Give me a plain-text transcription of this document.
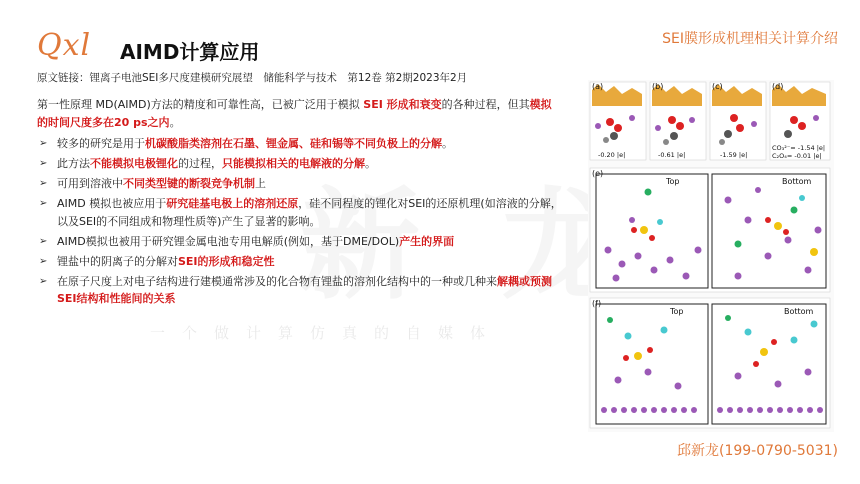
Qxl AIMD计算应用
SEI膜形成机理相关计算介绍
原文链接：锂离子电池SEI多尺度建模研究展望　储能科学与技术　第12卷 第2期2023年2月
一个做计算仿真的自媒体
第一性原理 MD(AIMD)方法的精度和可靠性高，已被广泛用于模拟 SEI 形成和衰变的各种过程，但其模拟的时间尺度多在20 ps之内。
➢ 较多的研究是用于机碳酸脂类溶剂在石墨、锂金属、硅和锡等不同负极上的分解。
➢ 此方法不能模拟电极锂化的过程，只能模拟相关的电解液的分解。
➢ 可用到溶液中不同类型键的断裂竞争机制上
➢ AIMD 模拟也被应用于研究硅基电极上的溶剂还原，硅不同程度的锂化对SEI的还原机理(如溶液的分解，以及SEI的不同组成和物理性质等)产生了显著的影响。
➢ AIMD模拟也被用于研究锂金属电池专用电解质(例如，基于DME/DOL)产生的界面
➢ 锂盐中的阴离子的分解对SEI的形成和稳定性
➢ 在原子尺度上对电子结构进行建模通常涉及的化合物有锂盐的溶剂化结构中的一种或几种来解耦或预测SEI结构和性能间的关系
(a)
-0.20 |e|
(b)
-0.61 |e|
(c)
-1.59 |e|
(d)
CO₃²⁻= -1.54 |e|
C₂O₄= -0.01 |e|
(e)
Top	Bottom
(f)
Top	Bottom
邱新龙(199-0790-5031)
